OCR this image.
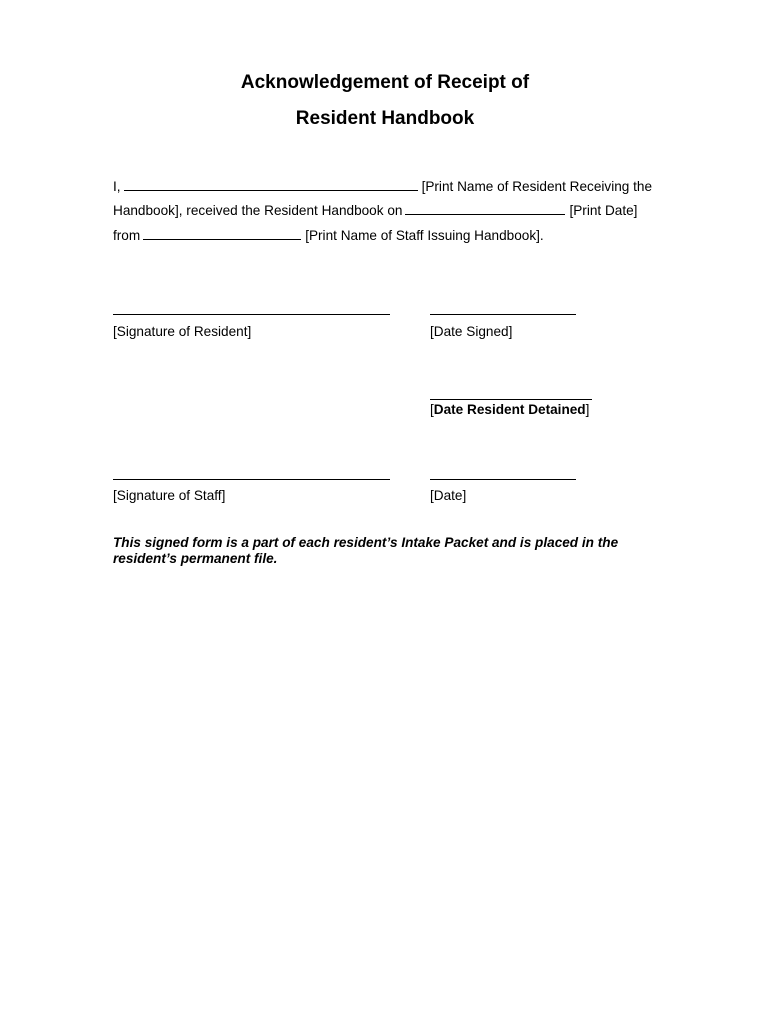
Acknowledgement of Receipt of
Resident Handbook
I,	[Print Name of Resident Receiving the
Handbook], received the Resident Handbook on	[Print Date]
from	[Print Name of Staff Issuing Handbook].
[Signature of Resident]	[Date Signed]
[Date Resident Detained]
[Signature of Staff]	[Date]
This signed form is a part of each resident’s Intake Packet and is placed in the resident’s permanent file.
